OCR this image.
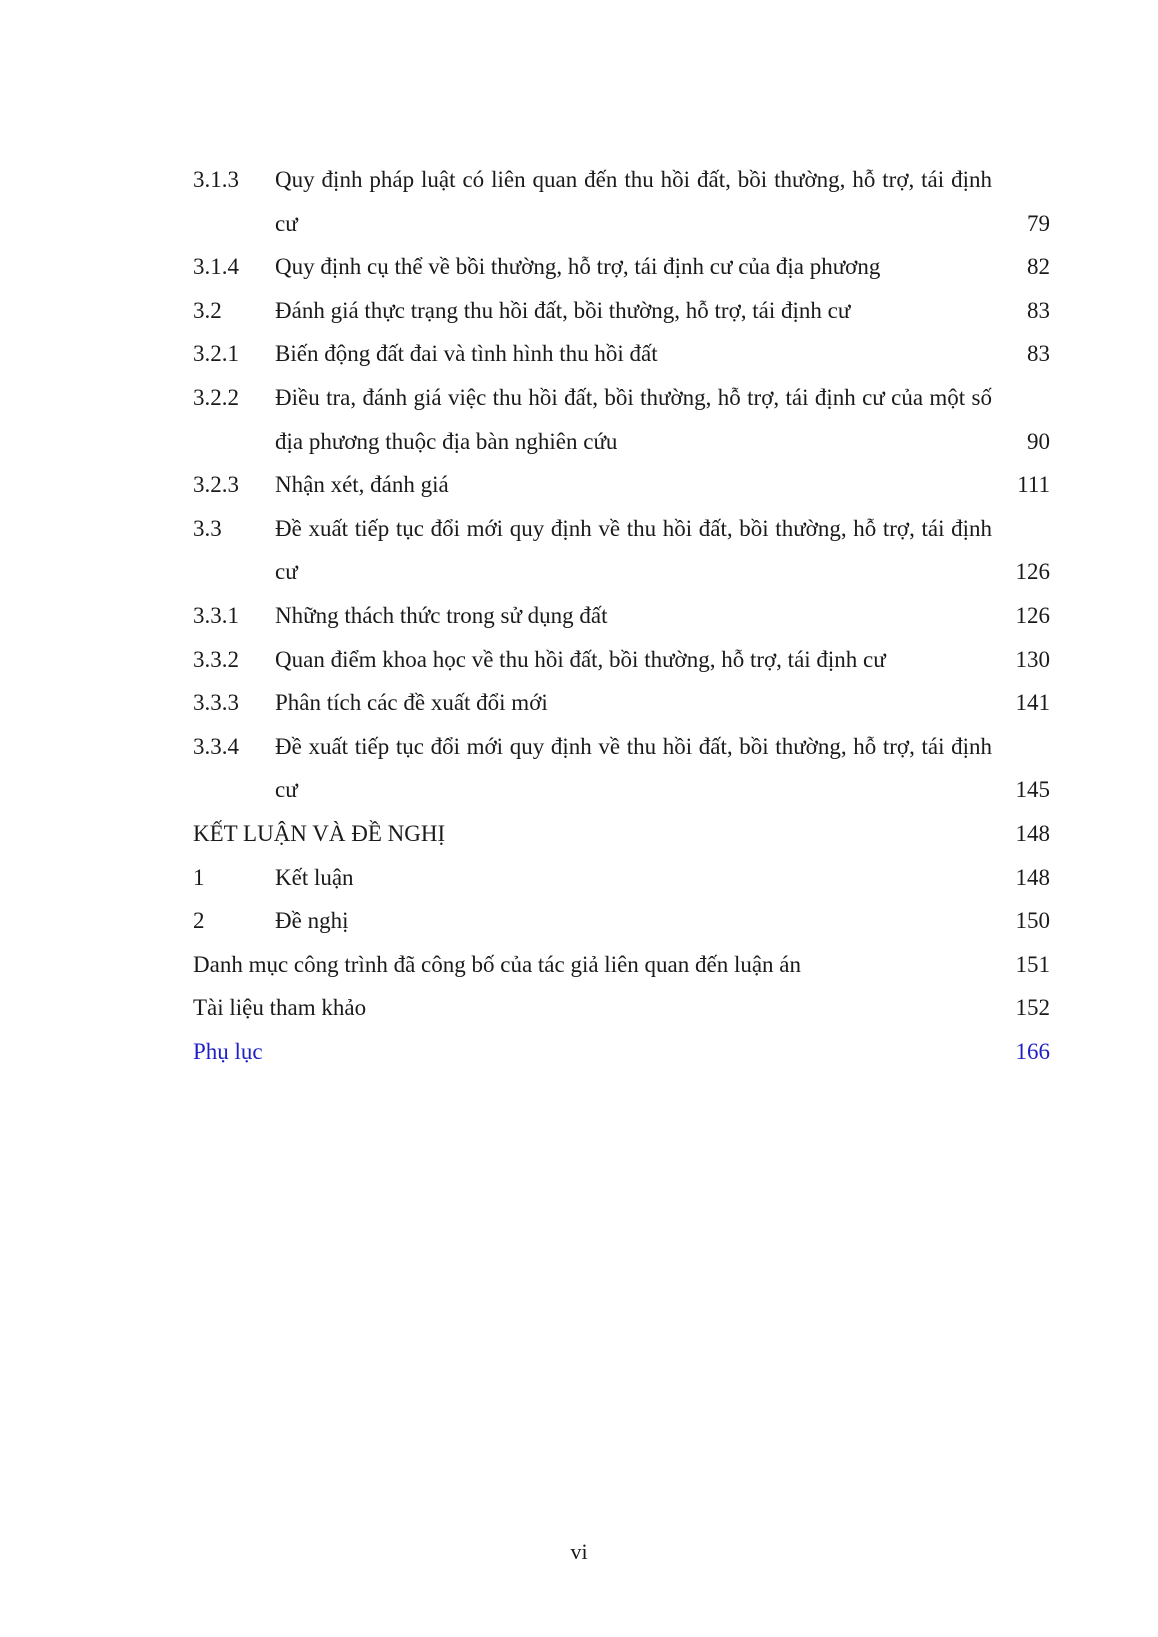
3.1.3 Quy định pháp luật có liên quan đến thu hồi đất, bồi thường, hỗ trợ, tái định cư	79
3.1.4 Quy định cụ thể về bồi thường, hỗ trợ, tái định cư của địa phương	82
3.2 Đánh giá thực trạng thu hồi đất, bồi thường, hỗ trợ, tái định cư	83
3.2.1 Biến động đất đai và tình hình thu hồi đất	83
3.2.2 Điều tra, đánh giá việc thu hồi đất, bồi thường, hỗ trợ, tái định cư của một số địa phương thuộc địa bàn nghiên cứu	90
3.2.3 Nhận xét, đánh giá	111
3.3 Đề xuất tiếp tục đổi mới quy định về thu hồi đất, bồi thường, hỗ trợ, tái định cư	126
3.3.1 Những thách thức trong sử dụng đất	126
3.3.2 Quan điểm khoa học về thu hồi đất, bồi thường, hỗ trợ, tái định cư	130
3.3.3 Phân tích các đề xuất đổi mới	141
3.3.4 Đề xuất tiếp tục đổi mới quy định về thu hồi đất, bồi thường, hỗ trợ, tái định cư	145
KẾT LUẬN VÀ ĐỀ NGHỊ	148
1	Kết luận	148
2	Đề nghị	150
Danh mục công trình đã công bố của tác giả liên quan đến luận án	151
Tài liệu tham khảo	152
Phụ lục	166
vi
